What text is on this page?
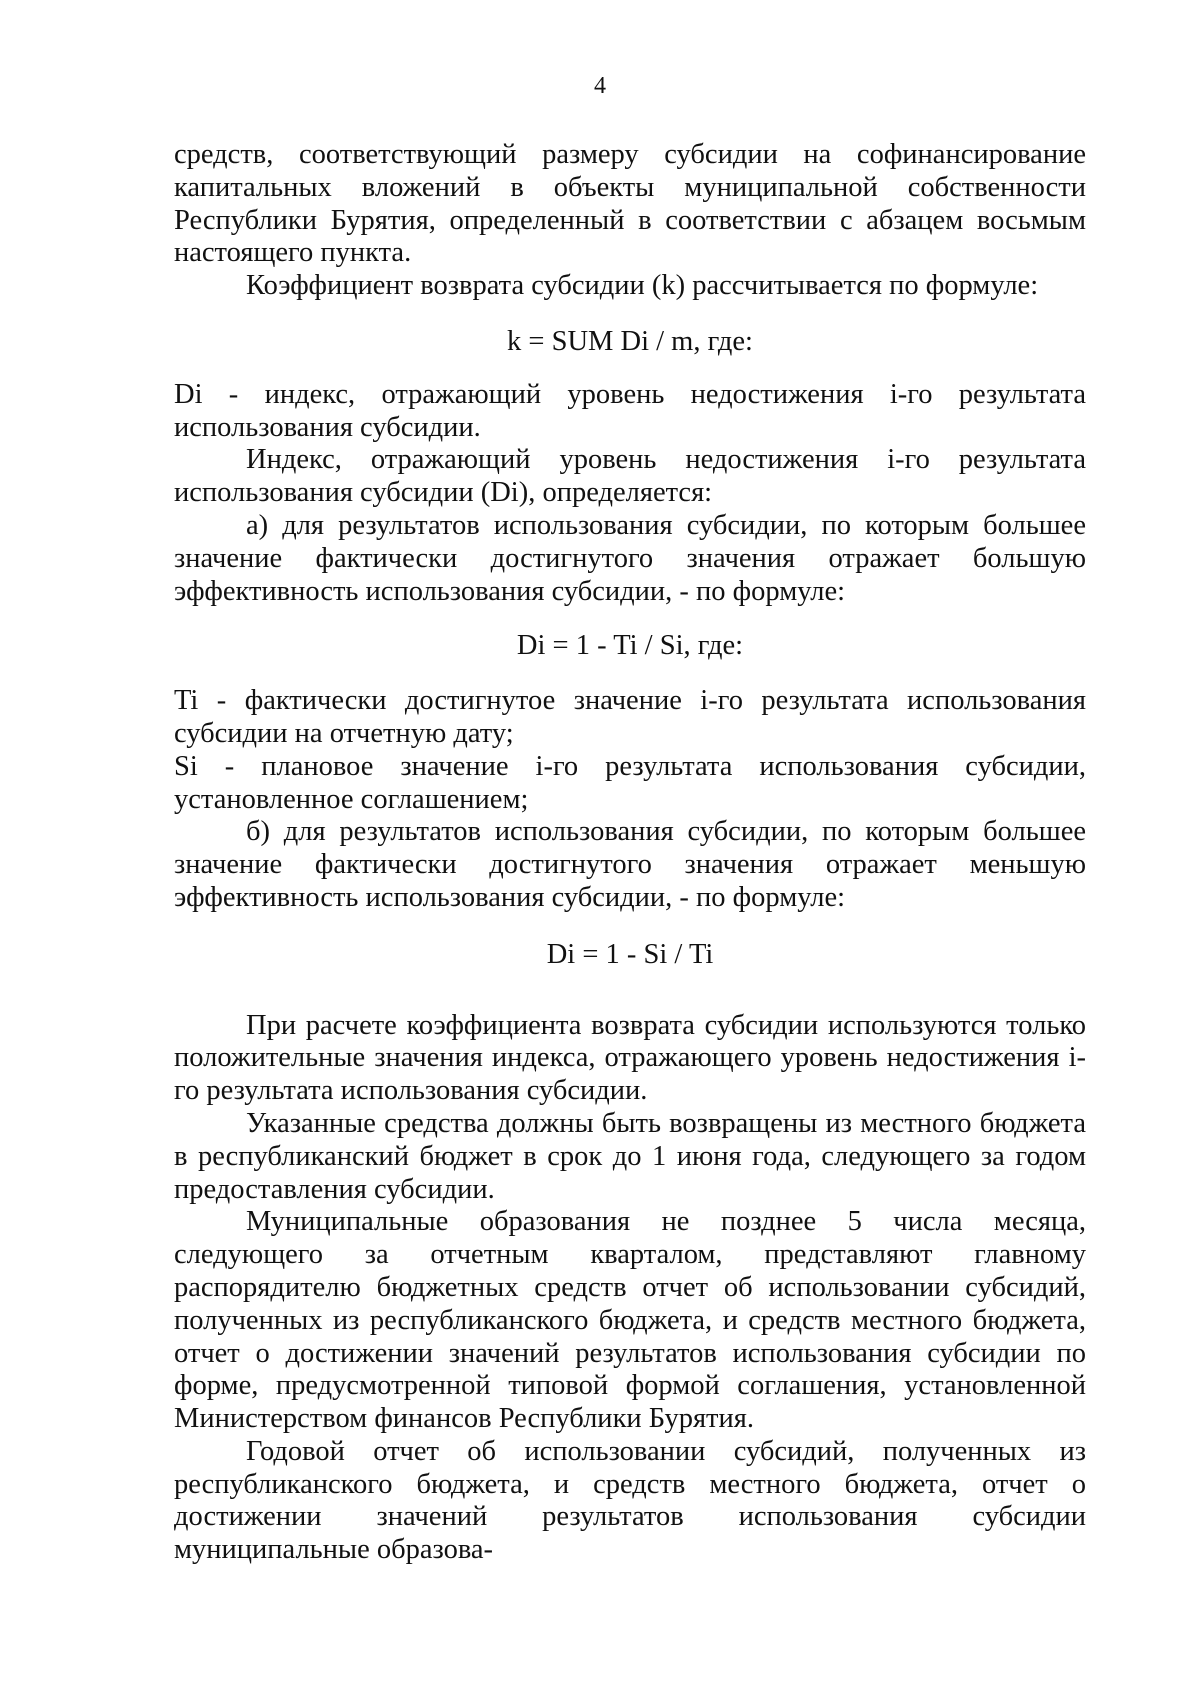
4

средств, соответствующий размеру субсидии на софинансирование капитальных вложений в объекты муниципальной собственности Республики Бурятия, определенный в соответствии с абзацем восьмым настоящего пункта.

Коэффициент возврата субсидии (k) рассчитывается по формуле:

k = SUM Di / m, где:

Di - индекс, отражающий уровень недостижения i-го результата использования субсидии.

Индекс, отражающий уровень недостижения i-го результата использования субсидии (Di), определяется:

а) для результатов использования субсидии, по которым большее значение фактически достигнутого значения отражает большую эффективность использования субсидии, - по формуле:

Di = 1 - Ti / Si, где:

Ti - фактически достигнутое значение i-го результата использования субсидии на отчетную дату;

Si - плановое значение i-го результата использования субсидии, установленное соглашением;

б) для результатов использования субсидии, по которым большее значение фактически достигнутого значения отражает меньшую эффективность использования субсидии, - по формуле:

Di = 1 - Si / Ti

При расчете коэффициента возврата субсидии используются только положительные значения индекса, отражающего уровень недостижения i-го результата использования субсидии.

Указанные средства должны быть возвращены из местного бюджета в республиканский бюджет в срок до 1 июня года, следующего за годом предоставления субсидии.

Муниципальные образования не позднее 5 числа месяца, следующего за отчетным кварталом, представляют главному распорядителю бюджетных средств отчет об использовании субсидий, полученных из республиканского бюджета, и средств местного бюджета, отчет о достижении значений результатов использования субсидии по форме, предусмотренной типовой формой соглашения, установленной Министерством финансов Республики Бурятия.

Годовой отчет об использовании субсидий, полученных из республиканского бюджета, и средств местного бюджета, отчет о достижении значений результатов использования субсидии муниципальные образова-
